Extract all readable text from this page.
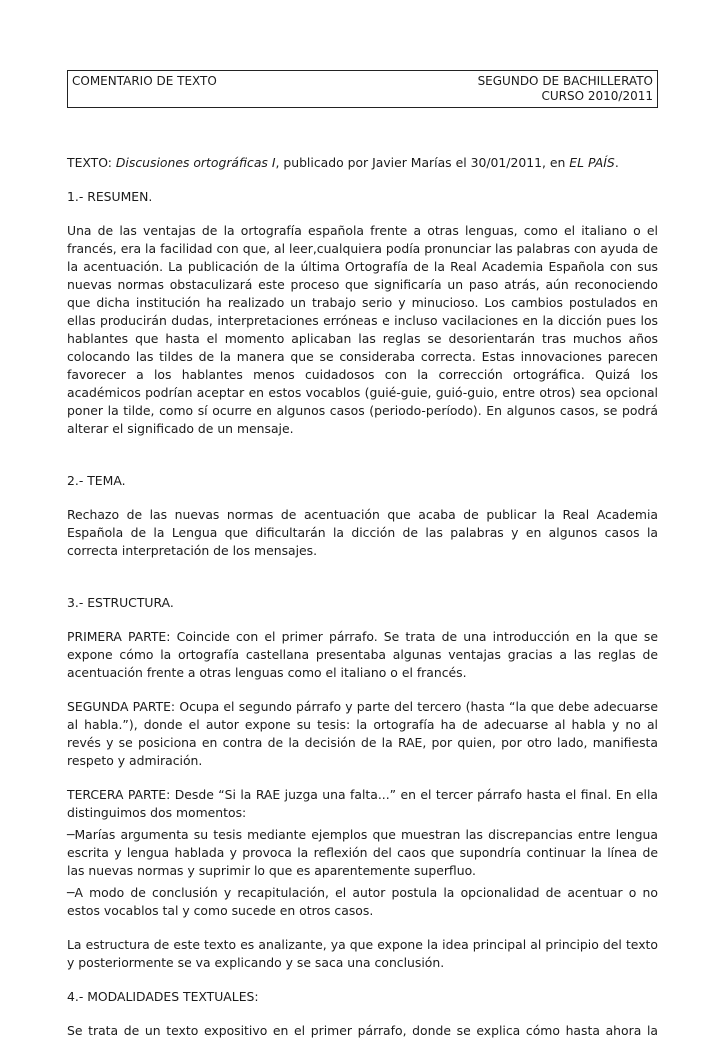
COMENTARIO DE TEXTO	SEGUNDO DE BACHILLERATO
CURSO 2010/2011

TEXTO: Discusiones ortográficas I, publicado por Javier Marías el 30/01/2011, en EL PAÍS.

1.- RESUMEN.

Una de las ventajas de la ortografía española frente a otras lenguas, como el italiano o el francés, era la facilidad con que, al leer,cualquiera podía pronunciar las palabras con ayuda de la acentuación. La publicación de la última Ortografía de la Real Academia Española con sus nuevas normas obstaculizará este proceso que significaría un paso atrás, aún reconociendo que dicha institución ha realizado un trabajo serio y minucioso. Los cambios postulados en ellas producirán dudas, interpretaciones erróneas e incluso vacilaciones en la dicción pues los hablantes que hasta el momento aplicaban las reglas se desorientarán tras muchos años colocando las tildes de la manera que se consideraba correcta. Estas innovaciones parecen favorecer a los hablantes menos cuidadosos con la corrección ortográfica. Quizá los académicos podrían aceptar en estos vocablos (guié-guie, guió-guio, entre otros) sea opcional poner la tilde, como sí ocurre en algunos casos (periodo-período). En algunos casos, se podrá alterar el significado de un mensaje.

2.- TEMA.

Rechazo de las nuevas normas de acentuación que acaba de publicar la Real Academia Española de la Lengua que dificultarán la dicción de las palabras y en algunos casos la correcta interpretación de los mensajes.

3.- ESTRUCTURA.

PRIMERA PARTE: Coincide con el primer párrafo. Se trata de una introducción en la que se expone cómo la ortografía castellana presentaba algunas ventajas gracias a las reglas de acentuación frente a otras lenguas como el italiano o el francés.

SEGUNDA PARTE: Ocupa el segundo párrafo y parte del tercero (hasta “la que debe adecuarse al habla.”), donde el autor expone su tesis: la ortografía ha de adecuarse al habla y no al revés y se posiciona en contra de la decisión de la RAE, por quien, por otro lado, manifiesta respeto y admiración.

TERCERA PARTE: Desde “Si la RAE juzga una falta...” en el tercer párrafo hasta el final. En ella distinguimos dos momentos:

─Marías argumenta su tesis mediante ejemplos que muestran las discrepancias entre lengua escrita y lengua hablada y provoca la reflexión del caos que supondría continuar la línea de las nuevas normas y suprimir lo que es aparentemente superfluo.

─A modo de conclusión y recapitulación, el autor postula la opcionalidad de acentuar o no estos vocablos tal y como sucede en otros casos.

La estructura de este texto es analizante, ya que expone la idea principal al principio del texto y posteriormente se va explicando y se saca una conclusión.

4.- MODALIDADES TEXTUALES:

Se trata de un texto expositivo en el primer párrafo, donde se explica cómo hasta ahora la
